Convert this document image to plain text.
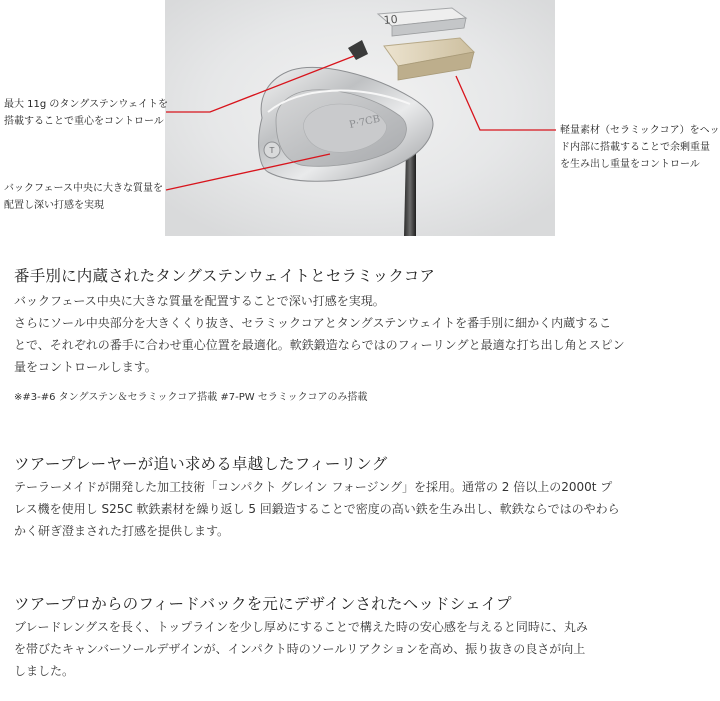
T
P·7CB
10
最大 11g のタングステンウェイトを
搭載することで重心をコントロール
バックフェース中央に大きな質量を
配置し深い打感を実現
軽量素材（セラミックコア）をヘッ
ド内部に搭載することで余剰重量
を生み出し重量をコントロール
番手別に内蔵されたタングステンウェイトとセラミックコア
バックフェース中央に大きな質量を配置することで深い打感を実現。
さらにソール中央部分を大きくくり抜き、セラミックコアとタングステンウェイトを番手別に細かく内蔵するこ
とで、それぞれの番手に合わせ重心位置を最適化。軟鉄鍛造ならではのフィーリングと最適な打ち出し角とスピン
量をコントロールします。
※#3-#6 タングステン＆セラミックコア搭載 #7-PW セラミックコアのみ搭載
ツアープレーヤーが追い求める卓越したフィーリング
テーラーメイドが開発した加工技術「コンパクト グレイン フォージング」を採用。通常の 2 倍以上の2000t プ
レス機を使用し S25C 軟鉄素材を繰り返し 5 回鍛造することで密度の高い鉄を生み出し、軟鉄ならではのやわら
かく研ぎ澄まされた打感を提供します。
ツアープロからのフィードバックを元にデザインされたヘッドシェイプ
ブレードレングスを長く、トップラインを少し厚めにすることで構えた時の安心感を与えると同時に、丸み
を帯びたキャンバーソールデザインが、インパクト時のソールリアクションを高め、振り抜きの良さが向上
しました。
